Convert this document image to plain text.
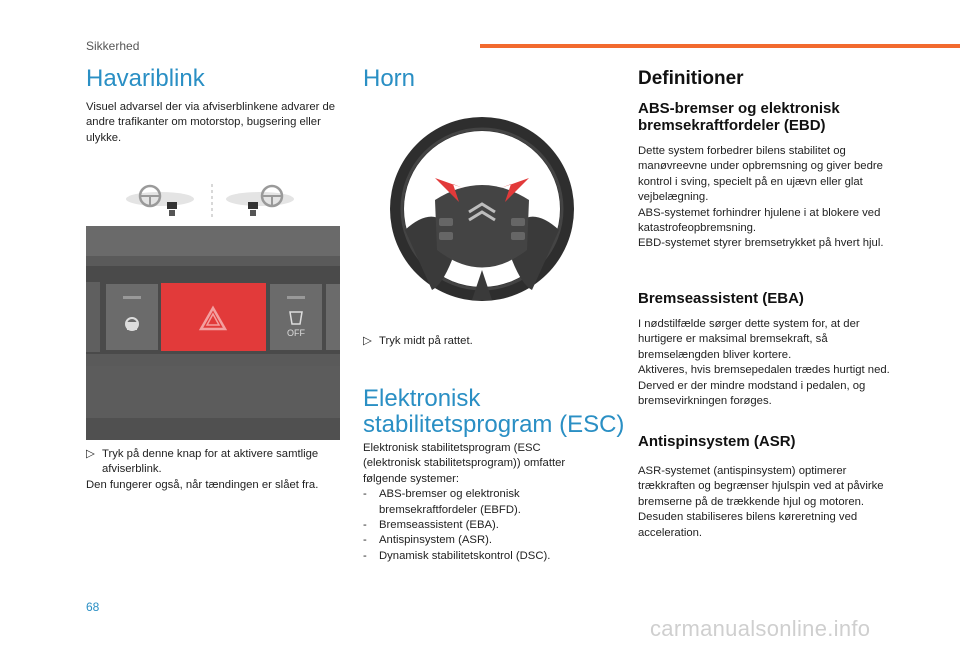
Sikkerhed
Havariblink
Visuel advarsel der via afviserblinkene advarer de andre trafikanter om motorstop, bugsering eller ulykke.
OFF
▷ Tryk på denne knap for at aktivere samtlige afviserblink.
Den fungerer også, når tændingen er slået fra.
Horn
▷ Tryk midt på rattet.
Elektronisk
stabilitetsprogram (ESC)
Elektronisk stabilitetsprogram (ESC (elektronisk stabilitetsprogram)) omfatter følgende systemer:
-	ABS-bremser og elektronisk bremsekraftfordeler (EBFD).
-	Bremseassistent (EBA).
-	Antispinsystem (ASR).
-	Dynamisk stabilitetskontrol (DSC).
Definitioner
ABS-bremser og elektronisk bremsekraftfordeler (EBD)
Dette system forbedrer bilens stabilitet og manøvreevne under opbremsning og giver bedre kontrol i sving, specielt på en ujævn eller glat vejbelægning.
ABS-systemet forhindrer hjulene i at blokere ved katastrofeopbremsning.
EBD-systemet styrer bremsetrykket på hvert hjul.
Bremseassistent (EBA)
I nødstilfælde sørger dette system for, at der hurtigere er maksimal bremsekraft, så bremselængden bliver kortere.
Aktiveres, hvis bremsepedalen trædes hurtigt ned. Derved er der mindre modstand i pedalen, og bremsevirkningen forøges.
Antispinsystem (ASR)
ASR-systemet (antispinsystem) optimerer trækkraften og begrænser hjulspin ved at påvirke bremserne på de trækkende hjul og motoren. Desuden stabiliseres bilens køreretning ved acceleration.
68
carmanualsonline.info
